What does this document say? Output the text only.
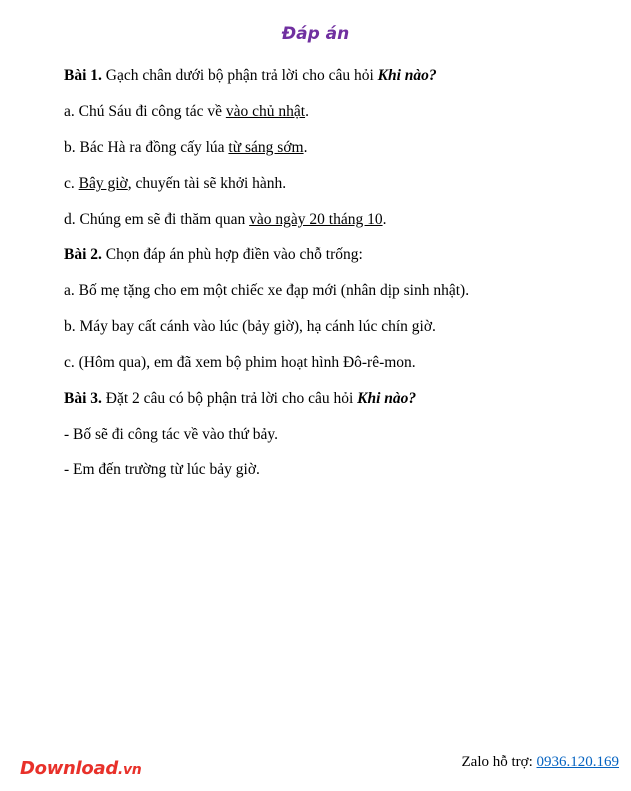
Đáp án
Bài 1. Gạch chân dưới bộ phận trả lời cho câu hỏi Khi nào?
a. Chú Sáu đi công tác về vào chủ nhật.
b. Bác Hà ra đồng cấy lúa từ sáng sớm.
c. Bây giờ, chuyến tài sẽ khởi hành.
d. Chúng em sẽ đi thăm quan vào ngày 20 tháng 10.
Bài 2. Chọn đáp án phù hợp điền vào chỗ trống:
a. Bố mẹ tặng cho em một chiếc xe đạp mới (nhân dịp sinh nhật).
b. Máy bay cất cánh vào lúc (bảy giờ), hạ cánh lúc chín giờ.
c. (Hôm qua), em đã xem bộ phim hoạt hình Đô-rê-mon.
Bài 3. Đặt 2 câu có bộ phận trả lời cho câu hỏi Khi nào?
- Bố sẽ đi công tác về vào thứ bảy.
- Em đến trường từ lúc bảy giờ.
Download.vn	Zalo hỗ trợ: 0936.120.169
